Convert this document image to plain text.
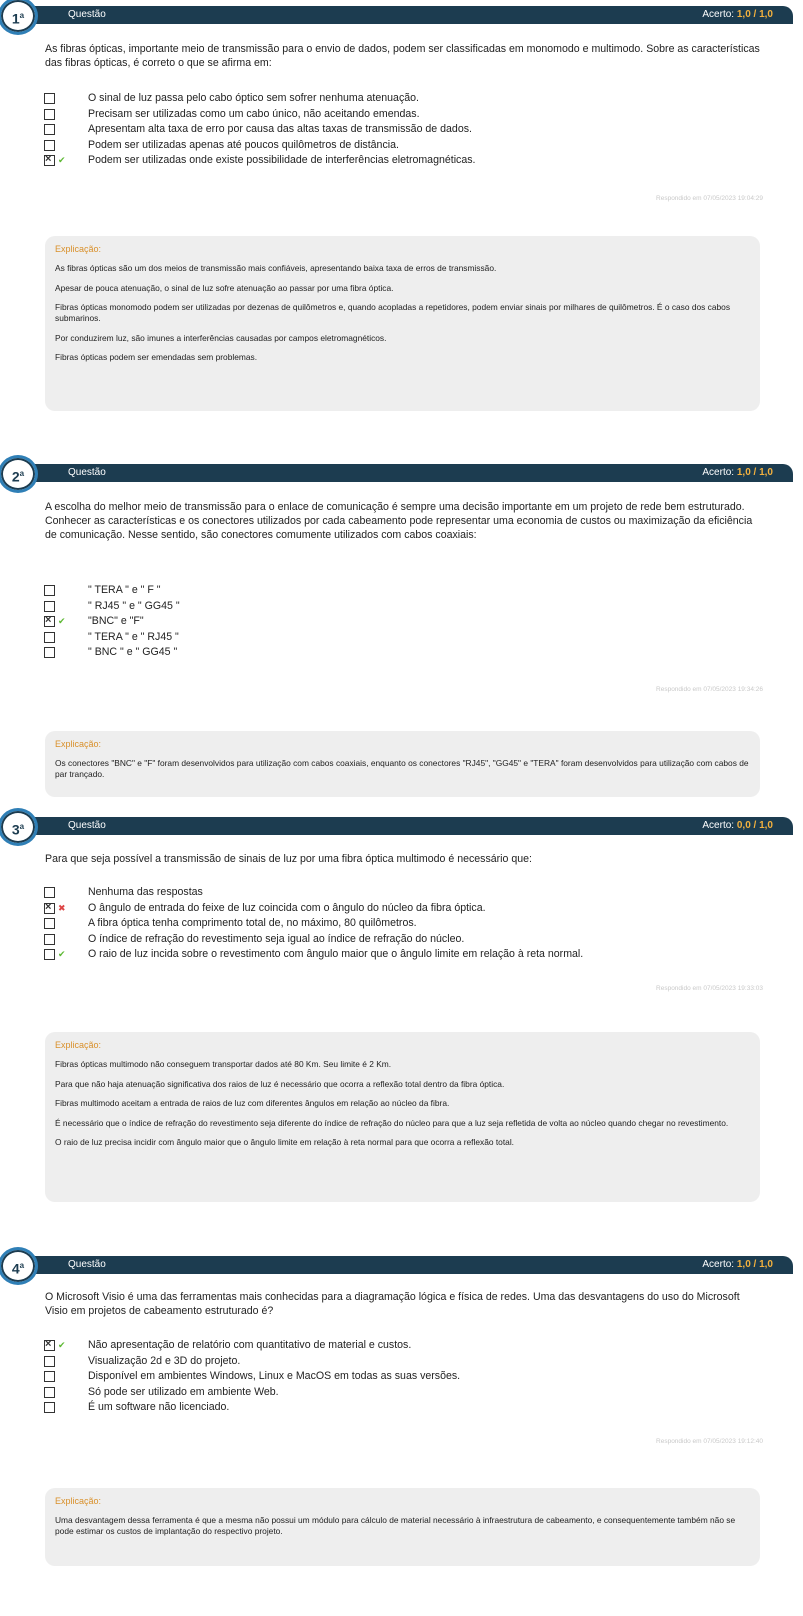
1$^a$	Questão	Acerto: 1,0 / 1,0

As fibras ópticas, importante meio de transmissão para o envio de dados, podem ser classificadas em monomodo e multimodo. Sobre as características das fibras ópticas, é correto o que se afirma em:

O sinal de luz passa pelo cabo óptico sem sofrer nenhuma atenuação.
Precisam ser utilizadas como um cabo único, não aceitando emendas.
Apresentam alta taxa de erro por causa das altas taxas de transmissão de dados.
Podem ser utilizadas apenas até poucos quilômetros de distância.
×
✔ Podem ser utilizadas onde existe possibilidade de interferências eletromagnéticas.
Respondido em 07/05/2023 19:04:29
Explicação:

As fibras ópticas são um dos meios de transmissão mais confiáveis, apresentando baixa taxa de erros de transmissão.

Apesar de pouca atenuação, o sinal de luz sofre atenuação ao passar por uma fibra óptica.

Fibras ópticas monomodo podem ser utilizadas por dezenas de quilômetros e, quando acopladas a repetidores, podem enviar sinais por milhares de quilômetros. É o caso dos cabos submarinos.

Por conduzirem luz, são imunes a interferências causadas por campos eletromagnéticos.

Fibras ópticas podem ser emendadas sem problemas.

2$^a$	Questão	Acerto: 1,0 / 1,0

A escolha do melhor meio de transmissão para o enlace de comunicação é sempre uma decisão importante em um projeto de rede bem estruturado. Conhecer as características e os conectores utilizados por cada cabeamento pode representar uma economia de custos ou maximização da eficiência de comunicação. Nesse sentido, são conectores comumente utilizados com cabos coaxiais:

" TERA " e " F "
" RJ45 " e " GG45 "
×
✔ "BNC" e "F"
" TERA " e " RJ45 "
" BNC " e " GG45 "
Respondido em 07/05/2023 19:34:26
Explicação:

Os conectores "BNC" e "F" foram desenvolvidos para utilização com cabos coaxiais, enquanto os conectores "RJ45", "GG45" e "TERA" foram desenvolvidos para utilização com cabos de par trançado.

3$^a$	Questão	Acerto: 0,0 / 1,0

Para que seja possível a transmissão de sinais de luz por uma fibra óptica multimodo é necessário que:

Nenhuma das respostas
×
✖ O ângulo de entrada do feixe de luz coincida com o ângulo do núcleo da fibra óptica.
A fibra óptica tenha comprimento total de, no máximo, 80 quilômetros.
O índice de refração do revestimento seja igual ao índice de refração do núcleo.
✔ O raio de luz incida sobre o revestimento com ângulo maior que o ângulo limite em relação à reta normal.
Respondido em 07/05/2023 19:33:03
Explicação:

Fibras ópticas multimodo não conseguem transportar dados até 80 Km. Seu limite é 2 Km.

Para que não haja atenuação significativa dos raios de luz é necessário que ocorra a reflexão total dentro da fibra óptica.

Fibras multimodo aceitam a entrada de raios de luz com diferentes ângulos em relação ao núcleo da fibra.

É necessário que o índice de refração do revestimento seja diferente do índice de refração do núcleo para que a luz seja refletida de volta ao núcleo quando chegar no revestimento.

O raio de luz precisa incidir com ângulo maior que o ângulo limite em relação à reta normal para que ocorra a reflexão total.

4$^a$	Questão	Acerto: 1,0 / 1,0

O Microsoft Visio é uma das ferramentas mais conhecidas para a diagramação lógica e física de redes. Uma das desvantagens do uso do Microsoft Visio em projetos de cabeamento estruturado é?

×
✔ Não apresentação de relatório com quantitativo de material e custos.
Visualização 2d e 3D do projeto.
Disponível em ambientes Windows, Linux e MacOS em todas as suas versões.
Só pode ser utilizado em ambiente Web.
É um software não licenciado.
Respondido em 07/05/2023 19:12:40
Explicação:

Uma desvantagem dessa ferramenta é que a mesma não possui um módulo para cálculo de material necessário à infraestrutura de cabeamento, e consequentemente também não se pode estimar os custos de implantação do respectivo projeto.
